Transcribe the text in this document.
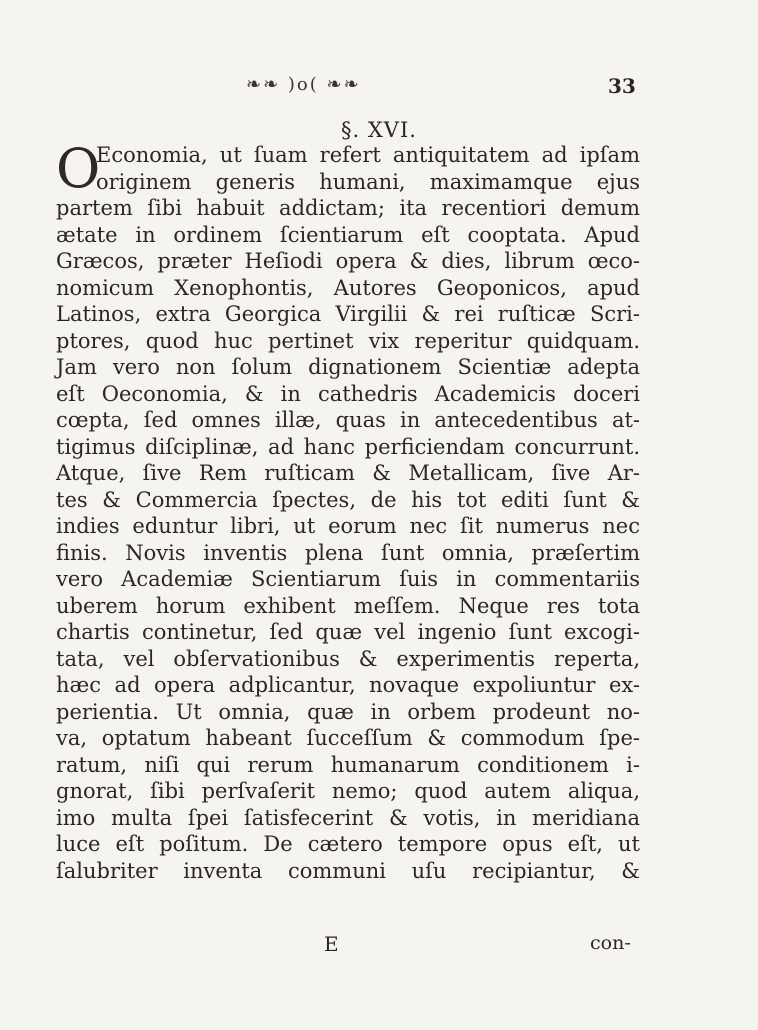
❧❧ )o( ❧❧	33
§. XVI.
O
Economia, ut ſuam refert antiquitatem ad ipſam
originem generis humani, maximamque ejus
partem ſibi habuit addictam; ita recentiori demum
ætate in ordinem ſcientiarum eſt cooptata. Apud
Græcos, præter Heſiodi opera & dies, librum œco-
nomicum Xenophontis, Autores Geoponicos, apud
Latinos, extra Georgica Virgilii & rei ruſticæ Scri-
ptores, quod huc pertinet vix reperitur quidquam.
Jam vero non ſolum dignationem Scientiæ adepta
eſt Oeconomia, & in cathedris Academicis doceri
cœpta, ſed omnes illæ, quas in antecedentibus at-
tigimus diſciplinæ, ad hanc perficiendam concurrunt.
Atque, ſive Rem ruſticam & Metallicam, ſive Ar-
tes & Commercia ſpectes, de his tot editi ſunt &
indies eduntur libri, ut eorum nec ſit numerus nec
finis. Novis inventis plena ſunt omnia, præſertim
vero Academiæ Scientiarum ſuis in commentariis
uberem horum exhibent meſſem. Neque res tota
chartis continetur, ſed quæ vel ingenio ſunt excogi-
tata, vel obſervationibus & experimentis reperta,
hæc ad opera adplicantur, novaque expoliuntur ex-
perientia. Ut omnia, quæ in orbem prodeunt no-
va, optatum habeant ſucceſſum & commodum ſpe-
ratum, niſi qui rerum humanarum conditionem i-
gnorat, ſibi perſvaſerit nemo; quod autem aliqua,
imo multa ſpei ſatisfecerint & votis, in meridiana
luce eſt poſitum. De cætero tempore opus eſt, ut
ſalubriter inventa communi uſu recipiantur, &
E	con-
